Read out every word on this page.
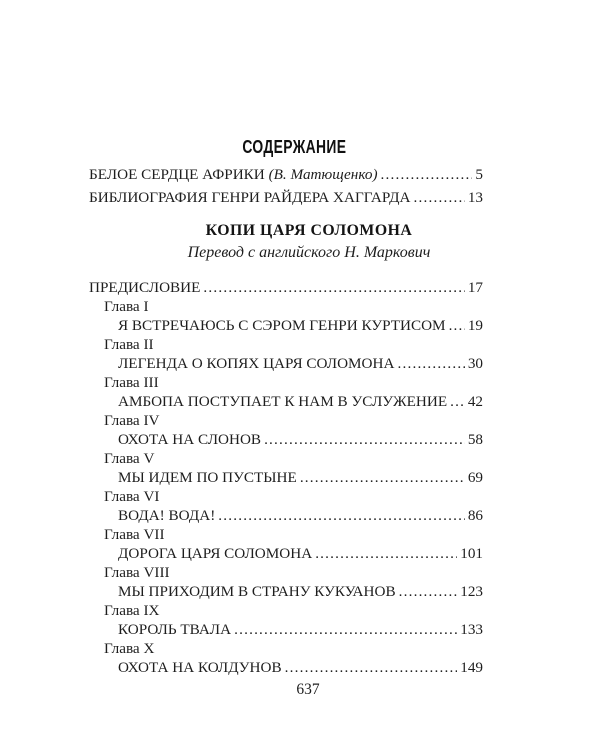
СОДЕРЖАНИЕ
БЕЛОЕ СЕРДЦЕ АФРИКИ (В. Матющенко) .....	5
БИБЛИОГРАФИЯ ГЕНРИ РАЙДЕРА ХАГГАРДА .....	13
КОПИ ЦАРЯ СОЛОМОНА
Перевод с английского Н. Маркович
ПРЕДИСЛОВИЕ .....	17
Глава I
Я ВСТРЕЧАЮСЬ С СЭРОМ ГЕНРИ КУРТИСОМ ..... 19
Глава II
ЛЕГЕНДА О КОПЯХ ЦАРЯ СОЛОМОНА .....	30
Глава III
АМБОПА ПОСТУПАЕТ К НАМ В УСЛУЖЕНИЕ ..... 42
Глава IV
ОХОТА НА СЛОНОВ .....	58
Глава V
МЫ ИДЕМ ПО ПУСТЫНЕ .....	69
Глава VI
ВОДА! ВОДА! .....	86
Глава VII
ДОРОГА ЦАРЯ СОЛОМОНА .....	101
Глава VIII
МЫ ПРИХОДИМ В СТРАНУ КУКУАНОВ .....	123
Глава IX
КОРОЛЬ ТВАЛА .....	133
Глава X
ОХОТА НА КОЛДУНОВ .....	149
637
